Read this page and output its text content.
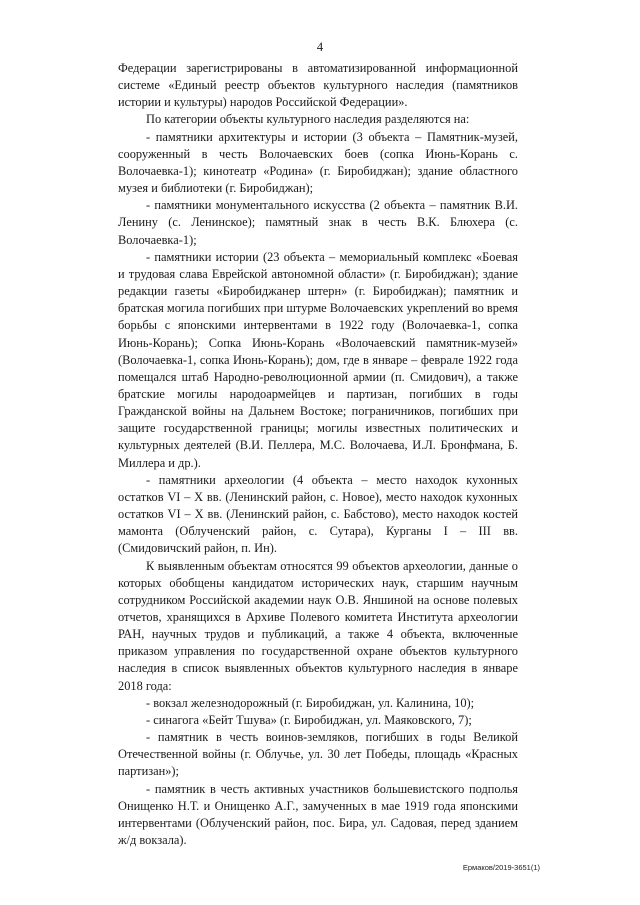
4

Федерации зарегистрированы в автоматизированной информационной системе «Единый реестр объектов культурного наследия (памятников истории и культуры) народов Российской Федерации».

По категории объекты культурного наследия разделяются на:

- памятники архитектуры и истории (3 объекта – Памятник-музей, сооруженный в честь Волочаевских боев (сопка Июнь-Корань с. Волочаевка-1); кинотеатр «Родина» (г. Биробиджан); здание областного музея и библиотеки (г. Биробиджан);

- памятники монументального искусства (2 объекта – памятник В.И. Ленину (с. Ленинское); памятный знак в честь В.К. Блюхера (с. Волочаевка-1);

- памятники истории (23 объекта – мемориальный комплекс «Боевая и трудовая слава Еврейской автономной области» (г. Биробиджан); здание редакции газеты «Биробиджанер штерн» (г. Биробиджан); памятник и братская могила погибших при штурме Волочаевских укреплений во время борьбы с японскими интервентами в 1922 году (Волочаевка-1, сопка Июнь-Корань); Сопка Июнь-Корань «Волочаевский памятник-музей» (Волочаевка-1, сопка Июнь-Корань); дом, где в январе – феврале 1922 года помещался штаб Народно-революционной армии (п. Смидович), а также братские могилы народоармейцев и партизан, погибших в годы Гражданской войны на Дальнем Востоке; пограничников, погибших при защите государственной границы; могилы известных политических и культурных деятелей (В.И. Пеллера, М.С. Волочаева, И.Л. Бронфмана, Б. Миллера и др.).

- памятники археологии (4 объекта – место находок кухонных остатков VI – X вв. (Ленинский район, с. Новое), место находок кухонных остатков VI – X вв. (Ленинский район, с. Бабстово), место находок костей мамонта (Облученский район, с. Сутара), Курганы I – III вв. (Смидовичский район, п. Ин).

К выявленным объектам относятся 99 объектов археологии, данные о которых обобщены кандидатом исторических наук, старшим научным сотрудником Российской академии наук О.В. Яншиной на основе полевых отчетов, хранящихся в Архиве Полевого комитета Института археологии РАН, научных трудов и публикаций, а также 4 объекта, включенные приказом управления по государственной охране объектов культурного наследия в список выявленных объектов культурного наследия в январе 2018 года:

- вокзал железнодорожный (г. Биробиджан, ул. Калинина, 10);

- синагога «Бейт Тшува» (г. Биробиджан, ул. Маяковского, 7);

- памятник в честь воинов-земляков, погибших в годы Великой Отечественной войны (г. Облучье, ул. 30 лет Победы, площадь «Красных партизан»);

- памятник в честь активных участников большевистского подполья Онищенко Н.Т. и Онищенко А.Г., замученных в мае 1919 года японскими интервентами (Облученский район, пос. Бира, ул. Садовая, перед зданием ж/д вокзала).

Ермаков/2019-3651(1)
